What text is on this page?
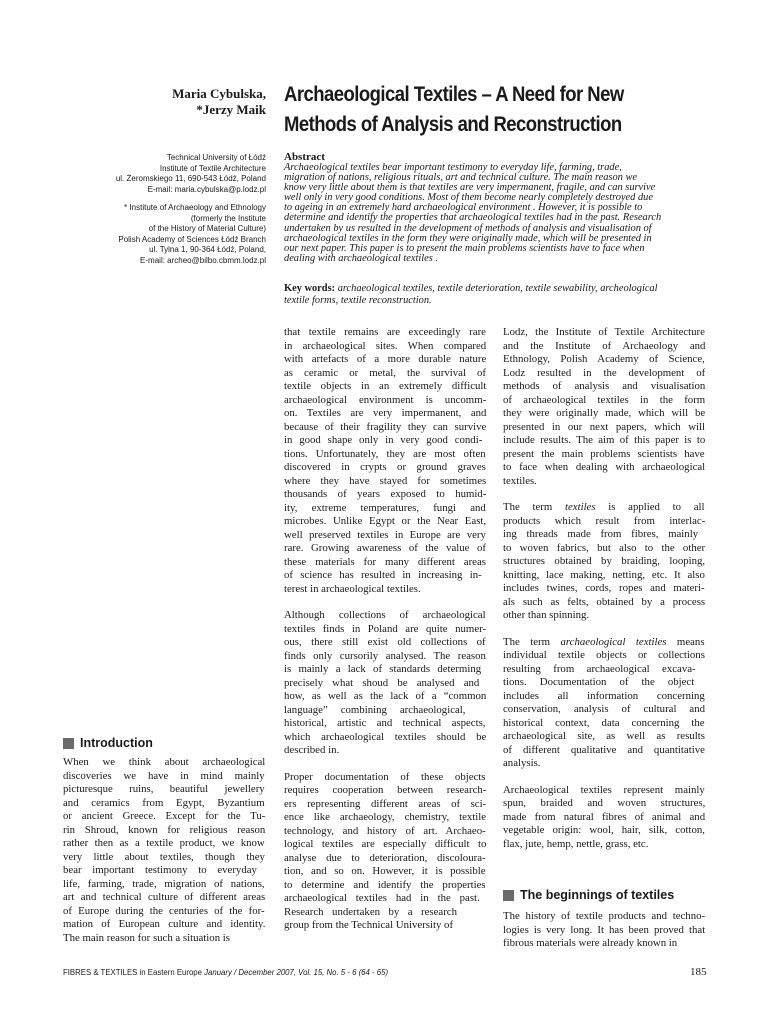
Maria Cybulska,
*Jerzy Maik
Technical University of Łódź
Institute of Textile Architecture
ul. Żeromskiego 11, 690-543 Łódź, Poland
E-mail: maria.cybulska@p.lodz.pl
* Institute of Archaeology and Ethnology
(formerly the Institute
of the History of Material Culture)
Polish Academy of Sciences Łódź Branch
ul. Tylna 1, 90-364 Łódź, Poland,
E-mail: archeo@bilbo.cbmm.lodz.pl
Archaeological Textiles – A Need for New
Methods of Analysis and Reconstruction
Abstract
Archaeological textiles bear important testimony to everyday life, farming, trade,
migration of nations, religious rituals, art and technical culture. The main reason we
know very little about them is that textiles are very impermanent, fragile, and can survive
well only in very good conditions. Most of them become nearly completely destroyed due
to ageing in an extremely hard archaeological environment . However, it is possible to
determine and identify the properties that archaeological textiles had in the past. Research
undertaken by us resulted in the development of methods of analysis and visualisation of
archaeological textiles in the form they were originally made, which will be presented in
our next paper. This paper is to present the main problems scientists have to face when
dealing with archaeological textiles .
Key words: archaeological textiles, textile deterioration, textile sewability, archeological
textile forms, textile reconstruction.
Introduction
When we think about archaeological
discoveries we have in mind mainly
picturesque ruins, beautiful jewellery
and ceramics from Egypt, Byzantium
or ancient Greece. Except for the Tu-
rin Shroud, known for religious reason
rather then as a textile product, we know
very little about textiles, though they
bear important testimony to everyday
life, farming, trade, migration of nations,
art and technical culture of different areas
of Europe during the centuries of the for-
mation of European culture and identity.
The main reason for such a situation is
that textile remains are exceedingly rare
in archaeological sites. When compared
with artefacts of a more durable nature
as ceramic or metal, the survival of
textile objects in an extremely difficult
archaeological environment is uncomm-
on. Textiles are very impermanent, and
because of their fragility they can survive
in good shape only in very good condi-
tions. Unfortunately, they are most often
discovered in crypts or ground graves
where they have stayed for sometimes
thousands of years exposed to humid-
ity, extreme temperatures, fungi and
microbes. Unlike Egypt or the Near East,
well preserved textiles in Europe are very
rare. Growing awareness of the value of
these materials for many different areas
of science has resulted in increasing in-
terest in archaeological textiles.
Although collections of archaeological
textiles finds in Poland are quite numer-
ous, there still exist old collections of
finds only cursorily analysed. The reason
is mainly a lack of standards determing
precisely what shoud be analysed and
how, as well as the lack of a “common
language” combining archaeological,
historical, artistic and technical aspects,
which archaeological textiles should be
described in.
Proper documentation of these objects
requires cooperation between research-
ers representing different areas of sci-
ence like archaeology, chemistry, textile
technology, and history of art. Archaeo-
logical textiles are especially difficult to
analyse due to deterioration, discoloura-
tion, and so on. However, it is possible
to determine and identify the properties
archaeological textiles had in the past.
Research undertaken by a research
group from the Technical University of
Lodz, the Institute of Textile Architecture
and the Institute of Archaeology and
Ethnology, Polish Academy of Science,
Lodz resulted in the development of
methods of analysis and visualisation
of archaeological textiles in the form
they were originally made, which will be
presented in our next papers, which will
include results. The aim of this paper is to
present the main problems scientists have
to face when dealing with archaeological
textiles.
The term textiles is applied to all
products which result from interlac-
ing threads made from fibres, mainly
to woven fabrics, but also to the other
structures obtained by braiding, looping,
knitting, lace making, netting, etc. It also
includes twines, cords, ropes and materi-
als such as felts, obtained by a process
other than spinning.
The term archaeological textiles means
individual textile objects or collections
resulting from archaeological excava-
tions. Documentation of the object
includes all information concerning
conservation, analysis of cultural and
historical context, data concerning the
archaeological site, as well as results
of different qualitative and quantitative
analysis.
Archaeological textiles represent mainly
spun, braided and woven structures,
made from natural fibres of animal and
vegetable origin: wool, hair, silk, cotton,
flax, jute, hemp, nettle, grass, etc.
The beginnings of textiles
The history of textile products and techno-
logies is very long. It has been proved that
fibrous materials were already known in
FIBRES & TEXTILES in Eastern Europe January / December 2007, Vol. 15, No. 5 - 6 (64 - 65)	185
